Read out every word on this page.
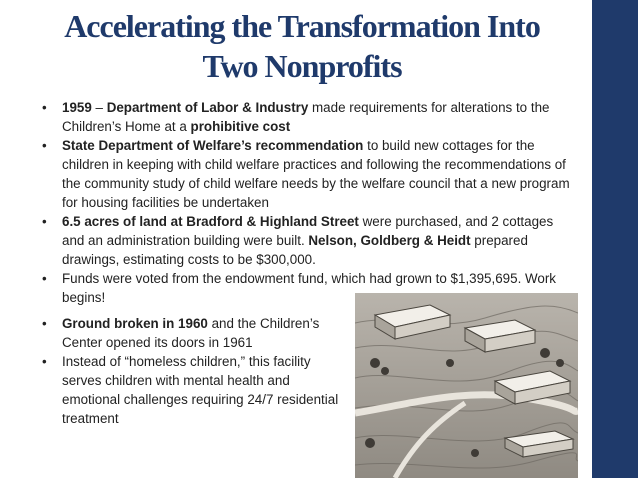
Accelerating the Transformation Into
Two Nonprofits
• 1959 – Department of Labor & Industry made requirements for alterations to the Children’s Home at a prohibitive cost
• State Department of Welfare’s recommendation to build new cottages for the children in keeping with child welfare practices and following the recommendations of the community study of child welfare needs by the welfare council that a new program for housing facilities be undertaken
• 6.5 acres of land at Bradford & Highland Street were purchased, and 2 cottages and an administration building were built. Nelson, Goldberg & Heidt prepared drawings, estimating costs to be $300,000.
• Funds were voted from the endowment fund, which had grown to $1,395,695. Work begins!
• Ground broken in 1960 and the Children’s Center opened its doors in 1961
• Instead of “homeless children,” this facility serves children with mental health and emotional challenges requiring 24/7 residential treatment
